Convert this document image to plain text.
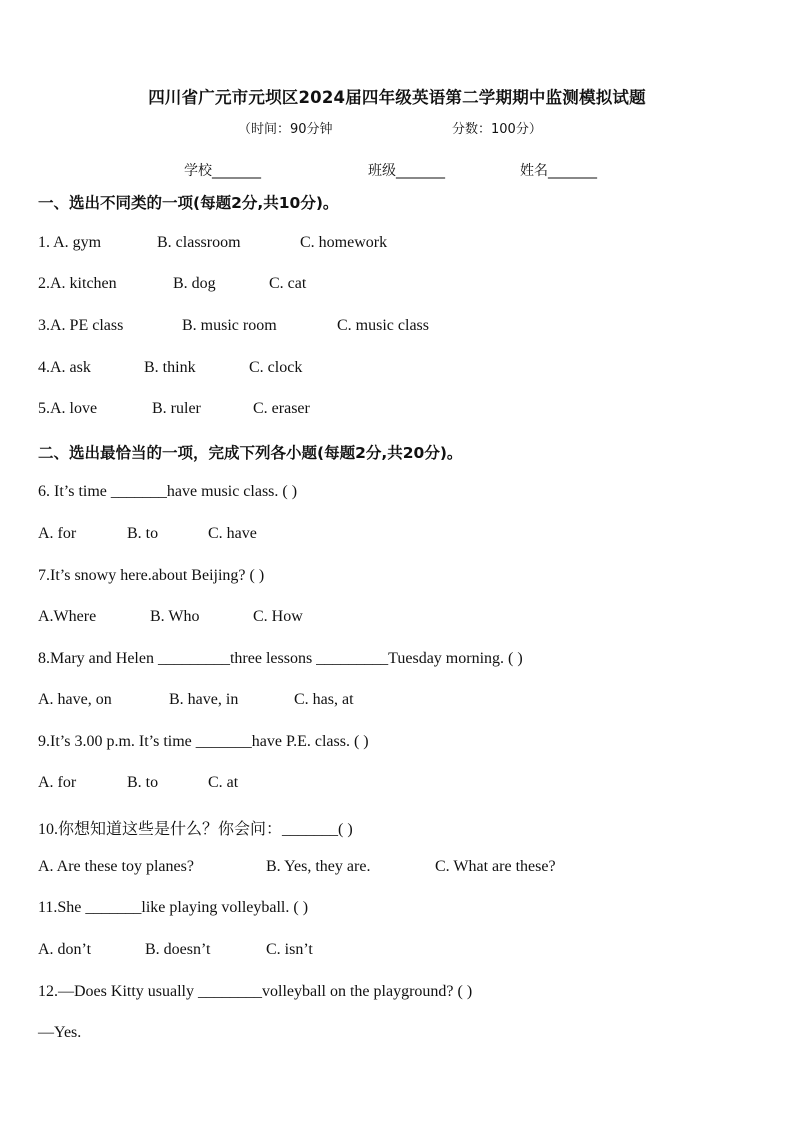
四川省广元市元坝区2024届四年级英语第二学期期中监测模拟试题
（时间：90分钟	分数：100分）
学校_______	班级_______	姓名_______
一、选出不同类的一项(每题2分,共10分)。
1. A. gym	B. classroom	C. homework
2.A. kitchen	B. dog	C. cat
3.A. PE class	B. music room	C. music class
4.A. ask	B. think	C. clock
5.A. love	B. ruler	C. eraser
二、选出最恰当的一项，完成下列各小题(每题2分,共20分)。
6. It’s time _______have music class. ( )
A. for	B. to	C. have
7.It’s snowy here.about Beijing? ( )
A.Where	B. Who	C. How
8.Mary and Helen _________three lessons _________Tuesday morning. ( )
A. have, on	B. have, in	C. has, at
9.It’s 3.00 p.m. It’s time _______have P.E. class. ( )
A. for	B. to	C. at
10.你想知道这些是什么？你会问：_______( )
A. Are these toy planes?	B. Yes, they are.	C. What are these?
11.She _______like playing volleyball. ( )
A. don’t	B. doesn’t	C. isn’t
12.—Does Kitty usually ________volleyball on the playground? ( )
—Yes.
